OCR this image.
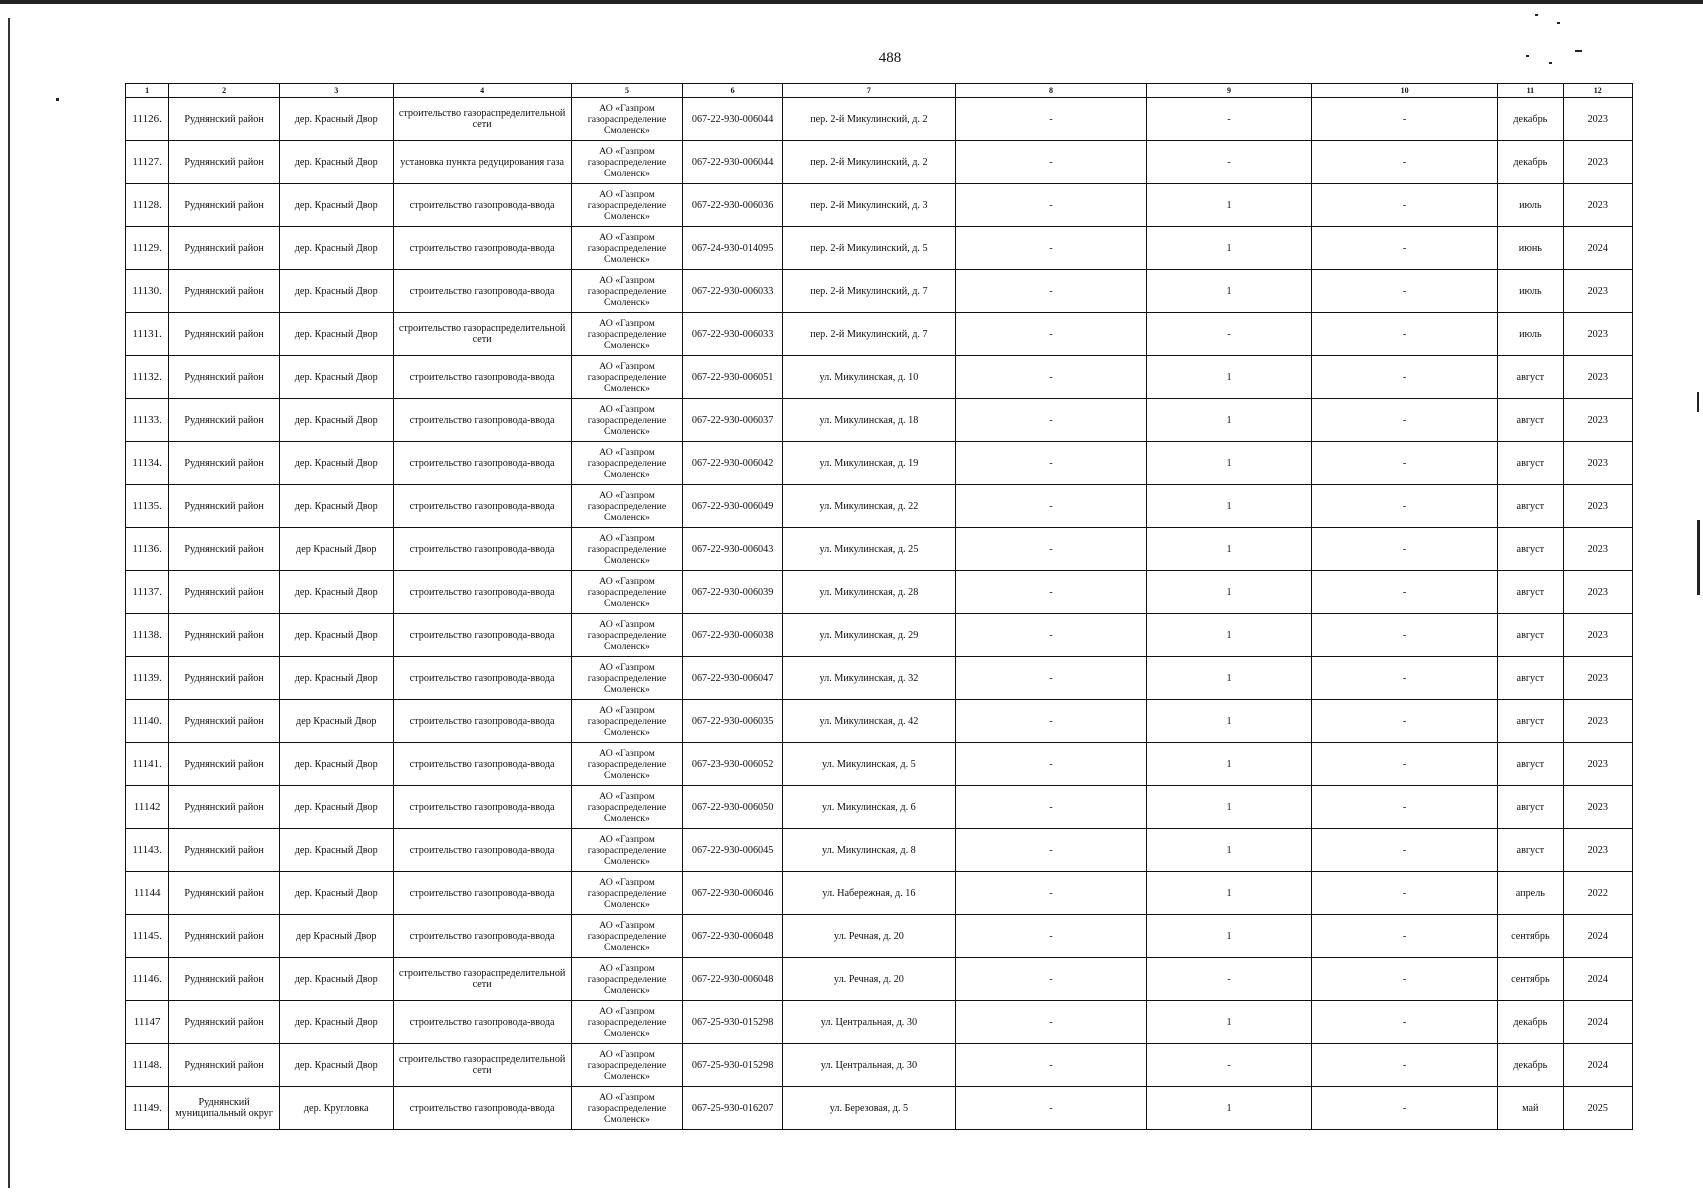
488
1	2	3	4	5	6	7	8	9	10	11	12
11126.	Руднянский район	дер. Красный Двор	строительство газораспределительной сети	АО «Газпром газораспределение Смоленск»	067-22-930-006044	пер. 2-й Микулинский, д. 2	-	-	-	декабрь	2023
11127.	Руднянский район	дер. Красный Двор	установка пункта редуцирования газа	АО «Газпром газораспределение Смоленск»	067-22-930-006044	пер. 2-й Микулинский, д. 2	-	-	-	декабрь	2023
11128.	Руднянский район	дер. Красный Двор	строительство газопровода-ввода	АО «Газпром газораспределение Смоленск»	067-22-930-006036	пер. 2-й Микулинский, д. 3	-	1	-	июль	2023
11129.	Руднянский район	дер. Красный Двор	строительство газопровода-ввода	АО «Газпром газораспределение Смоленск»	067-24-930-014095	пер. 2-й Микулинский, д. 5	-	1	-	июнь	2024
11130.	Руднянский район	дер. Красный Двор	строительство газопровода-ввода	АО «Газпром газораспределение Смоленск»	067-22-930-006033	пер. 2-й Микулинский, д. 7	-	1	-	июль	2023
11131.	Руднянский район	дер. Красный Двор	строительство газораспределительной сети	АО «Газпром газораспределение Смоленск»	067-22-930-006033	пер. 2-й Микулинский, д. 7	-	-	-	июль	2023
11132.	Руднянский район	дер. Красный Двор	строительство газопровода-ввода	АО «Газпром газораспределение Смоленск»	067-22-930-006051	ул. Микулинская, д. 10	-	1	-	август	2023
11133.	Руднянский район	дер. Красный Двор	строительство газопровода-ввода	АО «Газпром газораспределение Смоленск»	067-22-930-006037	ул. Микулинская, д. 18	-	1	-	август	2023
11134.	Руднянский район	дер. Красный Двор	строительство газопровода-ввода	АО «Газпром газораспределение Смоленск»	067-22-930-006042	ул. Микулинская, д. 19	-	1	-	август	2023
11135.	Руднянский район	дер. Красный Двор	строительство газопровода-ввода	АО «Газпром газораспределение Смоленск»	067-22-930-006049	ул. Микулинская, д. 22	-	1	-	август	2023
11136.	Руднянский район	дер Красный Двор	строительство газопровода-ввода	АО «Газпром газораспределение Смоленск»	067-22-930-006043	ул. Микулинская, д. 25	-	1	-	август	2023
11137.	Руднянский район	дер. Красный Двор	строительство газопровода-ввода	АО «Газпром газораспределение Смоленск»	067-22-930-006039	ул. Микулинская, д. 28	-	1	-	август	2023
11138.	Руднянский район	дер. Красный Двор	строительство газопровода-ввода	АО «Газпром газораспределение Смоленск»	067-22-930-006038	ул. Микулинская, д. 29	-	1	-	август	2023
11139.	Руднянский район	дер. Красный Двор	строительство газопровода-ввода	АО «Газпром газораспределение Смоленск»	067-22-930-006047	ул. Микулинская, д. 32	-	1	-	август	2023
11140.	Руднянский район	дер Красный Двор	строительство газопровода-ввода	АО «Газпром газораспределение Смоленск»	067-22-930-006035	ул. Микулинская, д. 42	-	1	-	август	2023
11141.	Руднянский район	дер. Красный Двор	строительство газопровода-ввода	АО «Газпром газораспределение Смоленск»	067-23-930-006052	ул. Микулинская, д. 5	-	1	-	август	2023
11142	Руднянский район	дер. Красный Двор	строительство газопровода-ввода	АО «Газпром газораспределение Смоленск»	067-22-930-006050	ул. Микулинская, д. 6	-	1	-	август	2023
11143.	Руднянский район	дер. Красный Двор	строительство газопровода-ввода	АО «Газпром газораспределение Смоленск»	067-22-930-006045	ул. Микулинская, д. 8	-	1	-	август	2023
11144	Руднянский район	дер. Красный Двор	строительство газопровода-ввода	АО «Газпром газораспределение Смоленск»	067-22-930-006046	ул. Набережная, д. 16	-	1	-	апрель	2022
11145.	Руднянский район	дер Красный Двор	строительство газопровода-ввода	АО «Газпром газораспределение Смоленск»	067-22-930-006048	ул. Речная, д. 20	-	1	-	сентябрь	2024
11146.	Руднянский район	дер. Красный Двор	строительство газораспределительной сети	АО «Газпром газораспределение Смоленск»	067-22-930-006048	ул. Речная, д. 20	-	-	-	сентябрь	2024
11147	Руднянский район	дер. Красный Двор	строительство газопровода-ввода	АО «Газпром газораспределение Смоленск»	067-25-930-015298	ул. Центральная, д. 30	-	1	-	декабрь	2024
11148.	Руднянский район	дер. Красный Двор	строительство газораспределительной сети	АО «Газпром газораспределение Смоленск»	067-25-930-015298	ул. Центральная, д. 30	-	-	-	декабрь	2024
11149.	Руднянский муниципальный округ	дер. Кругловка	строительство газопровода-ввода	АО «Газпром газораспределение Смоленск»	067-25-930-016207	ул. Березовая, д. 5	-	1	-	май	2025
